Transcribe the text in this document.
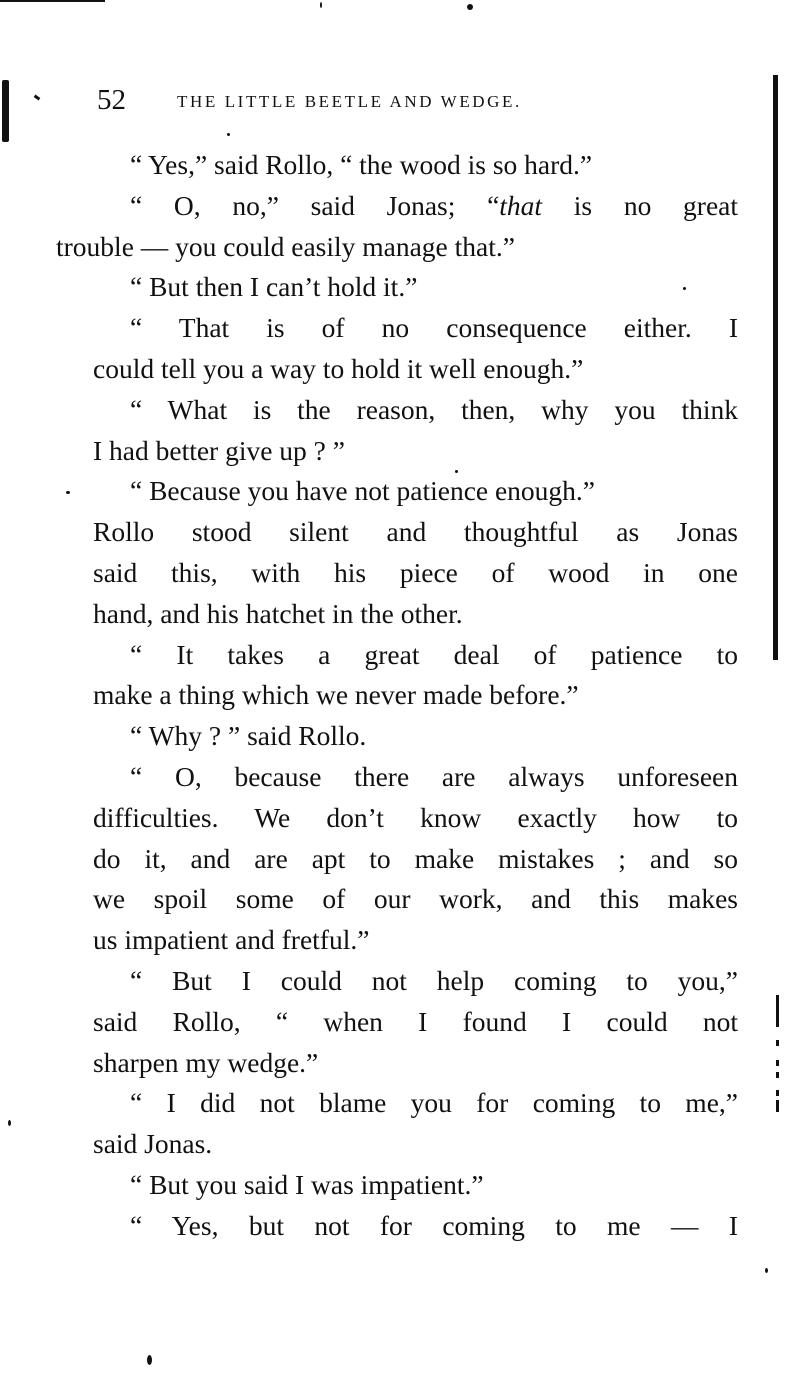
52	THE LITTLE BEETLE AND WEDGE.

“ Yes,” said Rollo, “ the wood is so hard.”

“ O, no,” said Jonas; “that is no great
trouble — you could easily manage that.”

“ But then I can’t hold it.”

“ That is of no consequence either. I
could tell you a way to hold it well enough.”

“ What is the reason, then, why you think
I had better give up ? ”

“ Because you have not patience enough.”

Rollo stood silent and thoughtful as Jonas
said this, with his piece of wood in one
hand, and his hatchet in the other.

“ It takes a great deal of patience to
make a thing which we never made before.”

“ Why ? ” said Rollo.

“ O, because there are always unforeseen
difficulties. We don’t know exactly how to
do it, and are apt to make mistakes ; and so
we spoil some of our work, and this makes
us impatient and fretful.”

“ But I could not help coming to you,”
said Rollo, “ when I found I could not
sharpen my wedge.”

“ I did not blame you for coming to me,”
said Jonas.

“ But you said I was impatient.”

“ Yes, but not for coming to me — I
